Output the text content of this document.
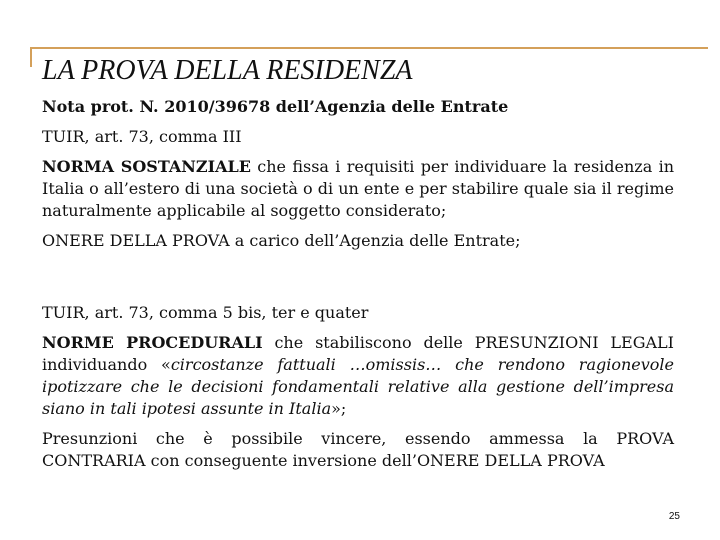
LA PROVA DELLA RESIDENZA

Nota prot. N. 2010/39678 dell’Agenzia delle Entrate

TUIR, art. 73, comma III

NORMA SOSTANZIALE che fissa i requisiti per individuare la residenza in Italia o all’estero di una società o di un ente e per stabilire quale sia il regime naturalmente applicabile al soggetto considerato;

ONERE DELLA PROVA a carico dell’Agenzia delle Entrate;

TUIR, art. 73, comma 5 bis, ter e quater

NORME PROCEDURALI che stabiliscono delle PRESUNZIONI LEGALI individuando «circostanze fattuali …omissis… che rendono ragionevole ipotizzare che le decisioni fondamentali relative alla gestione dell’impresa siano in tali ipotesi assunte in Italia»;

Presunzioni che è possibile vincere, essendo ammessa la PROVA CONTRARIA con conseguente inversione dell’ONERE DELLA PROVA

25
